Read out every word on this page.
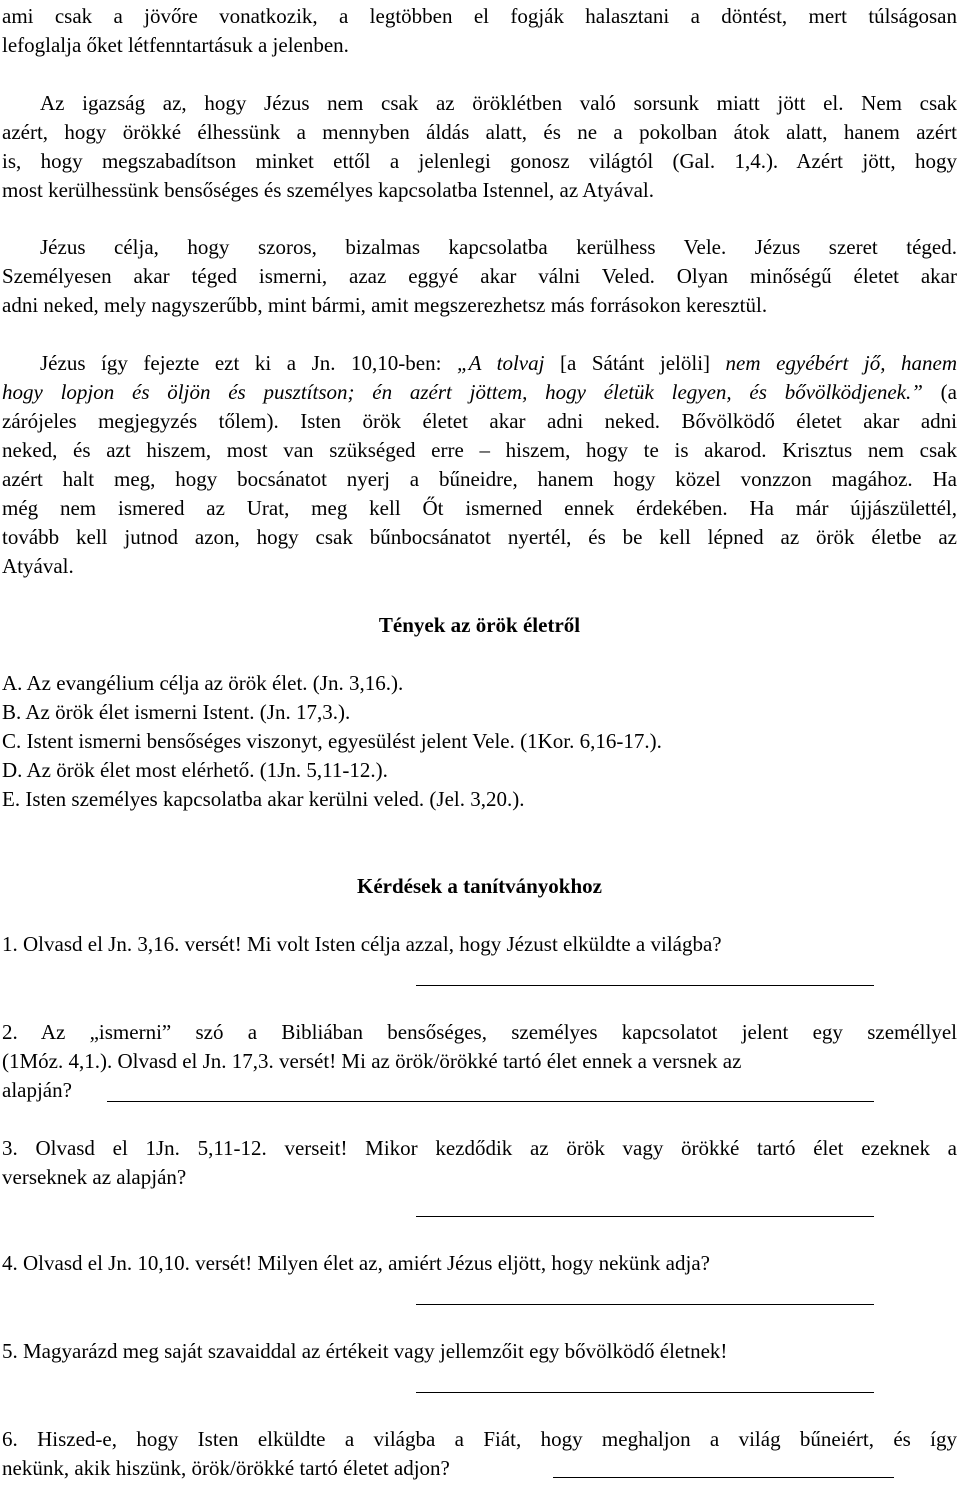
ami csak a jövőre vonatkozik, a legtöbben el fogják halasztani a döntést, mert túlságosan
lefoglalja őket létfenntartásuk a jelenben.
Az igazság az, hogy Jézus nem csak az öröklétben való sorsunk miatt jött el. Nem csak
azért, hogy örökké élhessünk a mennyben áldás alatt, és ne a pokolban átok alatt, hanem azért
is, hogy megszabadítson minket ettől a jelenlegi gonosz világtól (Gal. 1,4.). Azért jött, hogy
most kerülhessünk bensőséges és személyes kapcsolatba Istennel, az Atyával.
Jézus célja, hogy szoros, bizalmas kapcsolatba kerülhess Vele. Jézus szeret téged.
Személyesen akar téged ismerni, azaz eggyé akar válni Veled. Olyan minőségű életet akar
adni neked, mely nagyszerűbb, mint bármi, amit megszerezhetsz más forrásokon keresztül.
Jézus így fejezte ezt ki a Jn. 10,10-ben: „A tolvaj [a Sátánt jelöli] nem egyébért jő, hanem
hogy lopjon és öljön és pusztítson; én azért jöttem, hogy életük legyen, és bővölködjenek.” (a
zárójeles megjegyzés tőlem). Isten örök életet akar adni neked. Bővölködő életet akar adni
neked, és azt hiszem, most van szükséged erre – hiszem, hogy te is akarod. Krisztus nem csak
azért halt meg, hogy bocsánatot nyerj a bűneidre, hanem hogy közel vonzzon magához. Ha
még nem ismered az Urat, meg kell Őt ismerned ennek érdekében. Ha már újjászülettél,
tovább kell jutnod azon, hogy csak bűnbocsánatot nyertél, és be kell lépned az örök életbe az
Atyával.
Tények az örök életről
A. Az evangélium célja az örök élet. (Jn. 3,16.).
B. Az örök élet ismerni Istent. (Jn. 17,3.).
C. Istent ismerni bensőséges viszonyt, egyesülést jelent Vele. (1Kor. 6,16-17.).
D. Az örök élet most elérhető. (1Jn. 5,11-12.).
E. Isten személyes kapcsolatba akar kerülni veled. (Jel. 3,20.).
Kérdések a tanítványokhoz
1. Olvasd el Jn. 3,16. versét! Mi volt Isten célja azzal, hogy Jézust elküldte a világba?
2. Az „ismerni” szó a Bibliában bensőséges, személyes kapcsolatot jelent egy személlyel
(1Móz. 4,1.). Olvasd el Jn. 17,3. versét! Mi az örök/örökké tartó élet ennek a versnek az
alapján?
3. Olvasd el 1Jn. 5,11-12. verseit! Mikor kezdődik az örök vagy örökké tartó élet ezeknek a
verseknek az alapján?
4. Olvasd el Jn. 10,10. versét! Milyen élet az, amiért Jézus eljött, hogy nekünk adja?
5. Magyarázd meg saját szavaiddal az értékeit vagy jellemzőit egy bővölködő életnek!
6. Hiszed-e, hogy Isten elküldte a világba a Fiát, hogy meghaljon a világ bűneiért, és így
nekünk, akik hiszünk, örök/örökké tartó életet adjon?
